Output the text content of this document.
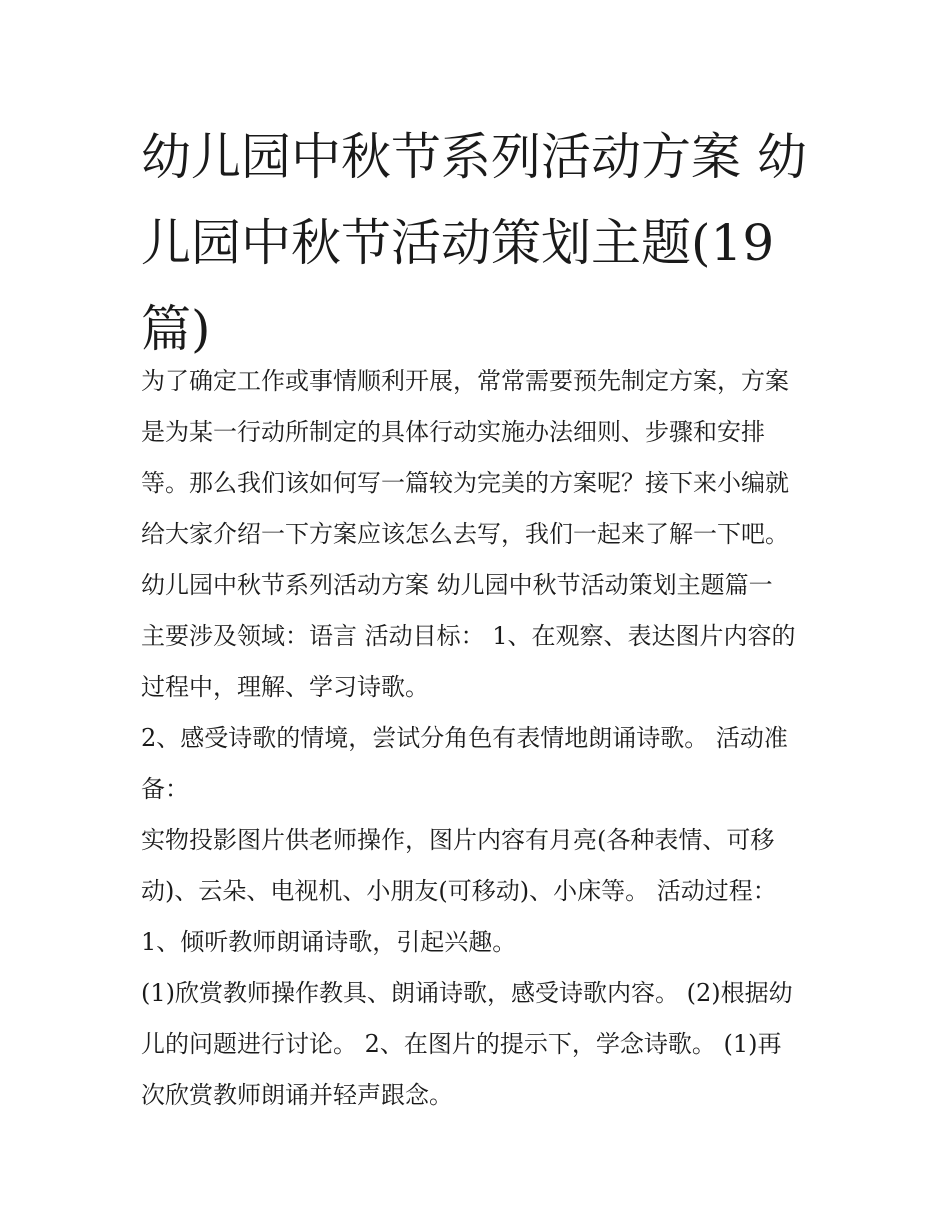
幼儿园中秋节系列活动方案 幼
儿园中秋节活动策划主题(19
篇)
为了确定工作或事情顺利开展，常常需要预先制定方案，方案
是为某一行动所制定的具体行动实施办法细则、步骤和安排
等。那么我们该如何写一篇较为完美的方案呢？接下来小编就
给大家介绍一下方案应该怎么去写，我们一起来了解一下吧。
幼儿园中秋节系列活动方案 幼儿园中秋节活动策划主题篇一
主要涉及领域：语言 活动目标： 1、在观察、表达图片内容的
过程中，理解、学习诗歌。
2、感受诗歌的情境，尝试分角色有表情地朗诵诗歌。 活动准
备：
实物投影图片供老师操作，图片内容有月亮(各种表情、可移
动)、云朵、电视机、小朋友(可移动)、小床等。 活动过程：
1、倾听教师朗诵诗歌，引起兴趣。
(1)欣赏教师操作教具、朗诵诗歌，感受诗歌内容。 (2)根据幼
儿的问题进行讨论。 2、在图片的提示下，学念诗歌。 (1)再
次欣赏教师朗诵并轻声跟念。
